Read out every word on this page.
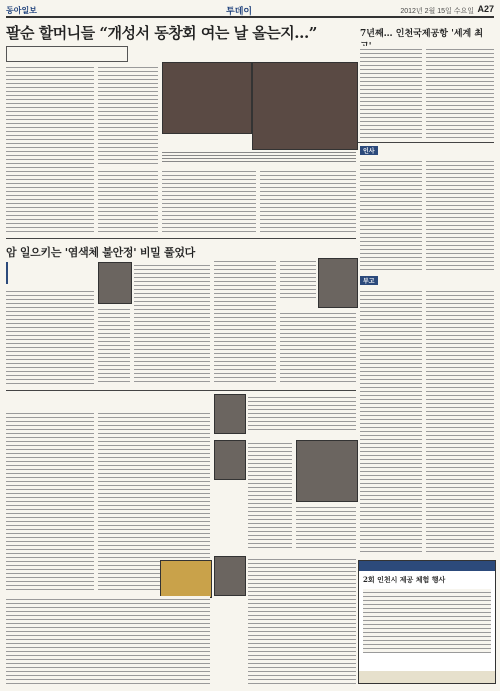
동아일보	투데이	2012년 2월 15일 수요일 A27
팔순 할머니들 “개성서 동창회 여는 날 올는지…”	7년째… 인천국제공항 '세계 최
인사
암 일으키는 '염색체 불안정' 비밀 풀었다
부고
2회 인천시 제공 체험 행사
